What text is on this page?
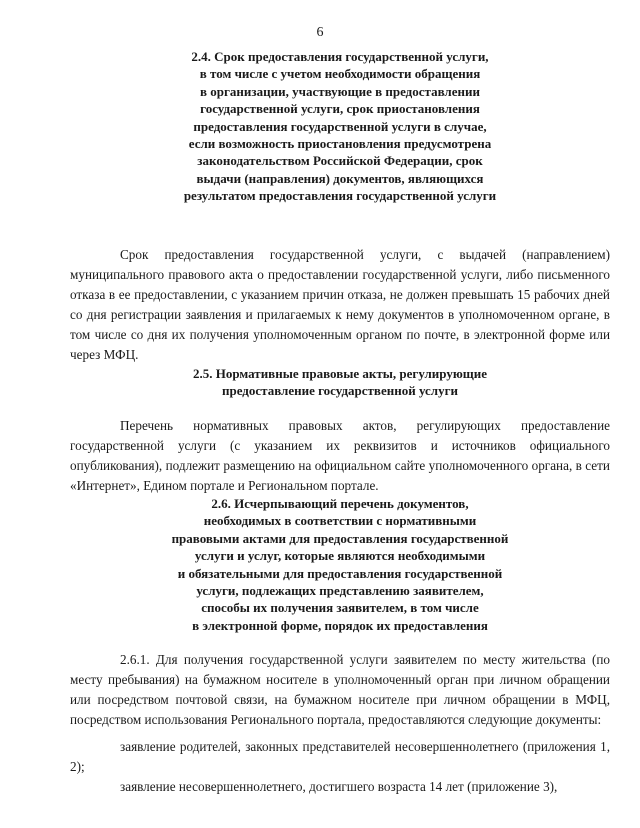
6
2.4. Срок предоставления государственной услуги,
в том числе с учетом необходимости обращения
в организации, участвующие в предоставлении
государственной услуги, срок приостановления
предоставления государственной услуги в случае,
если возможность приостановления предусмотрена
законодательством Российской Федерации, срок
выдачи (направления) документов, являющихся
результатом предоставления государственной услуги

Срок предоставления государственной услуги, с выдачей (направлением) муниципального правового акта о предоставлении государственной услуги, либо письменного отказа в ее предоставлении, с указанием причин отказа, не должен превышать 15 рабочих дней со дня регистрации заявления и прилагаемых к нему документов в уполномоченном органе, в том числе со дня их получения уполномоченным органом по почте, в электронной форме или через МФЦ.

2.5. Нормативные правовые акты, регулирующие
предоставление государственной услуги

Перечень нормативных правовых актов, регулирующих предоставление государственной услуги (с указанием их реквизитов и источников официального опубликования), подлежит размещению на официальном сайте уполномоченного органа, в сети «Интернет», Едином портале и Региональном портале.

2.6. Исчерпывающий перечень документов,
необходимых в соответствии с нормативными
правовыми актами для предоставления государственной
услуги и услуг, которые являются необходимыми
и обязательными для предоставления государственной
услуги, подлежащих представлению заявителем,
способы их получения заявителем, в том числе
в электронной форме, порядок их предоставления

2.6.1. Для получения государственной услуги заявителем по месту жительства (по месту пребывания) на бумажном носителе в уполномоченный орган при личном обращении или посредством почтовой связи, на бумажном носителе при личном обращении в МФЦ, посредством использования Регионального портала, предоставляются следующие документы:

заявление родителей, законных представителей несовершеннолетнего (приложения 1, 2);

заявление несовершеннолетнего, достигшего возраста 14 лет (приложение 3),
